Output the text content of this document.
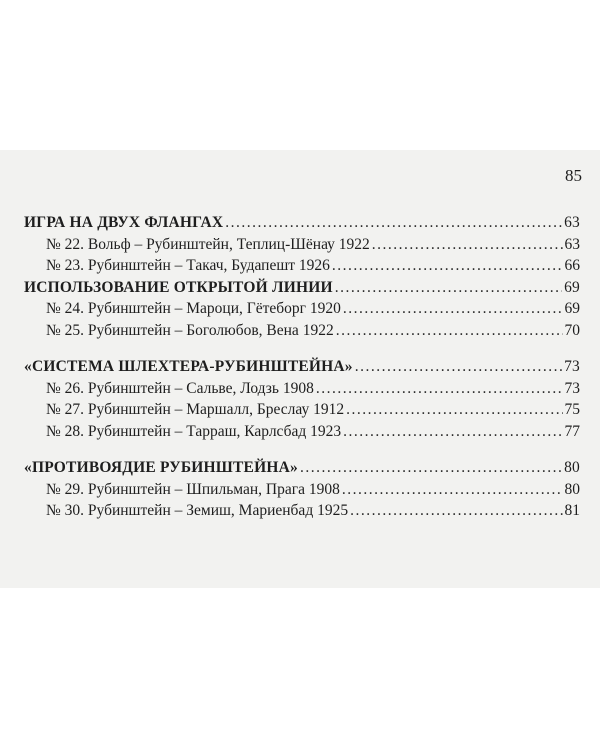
85
ИГРА НА ДВУХ ФЛАНГАХ .....	63
№ 22. Вольф – Рубинштейн, Теплиц-Шёнау 1922 .....	63
№ 23. Рубинштейн – Такач, Будапешт 1926 .....	66
ИСПОЛЬЗОВАНИЕ ОТКРЫТОЙ ЛИНИИ .....	69
№ 24. Рубинштейн – Мароци, Гётеборг 1920 .....	69
№ 25. Рубинштейн – Боголюбов, Вена 1922 .....	70
«СИСТЕМА ШЛЕХТЕРА-РУБИНШТЕЙНА» .....	73
№ 26. Рубинштейн – Сальве, Лодзь 1908 .....	73
№ 27. Рубинштейн – Маршалл, Бреслау 1912 .....	75
№ 28. Рубинштейн – Тарраш, Карлсбад 1923 .....	77
«ПРОТИВОЯДИЕ РУБИНШТЕЙНА» .....	80
№ 29. Рубинштейн – Шпильман, Прага 1908 .....	80
№ 30. Рубинштейн – Земиш, Мариенбад 1925 .....	81
